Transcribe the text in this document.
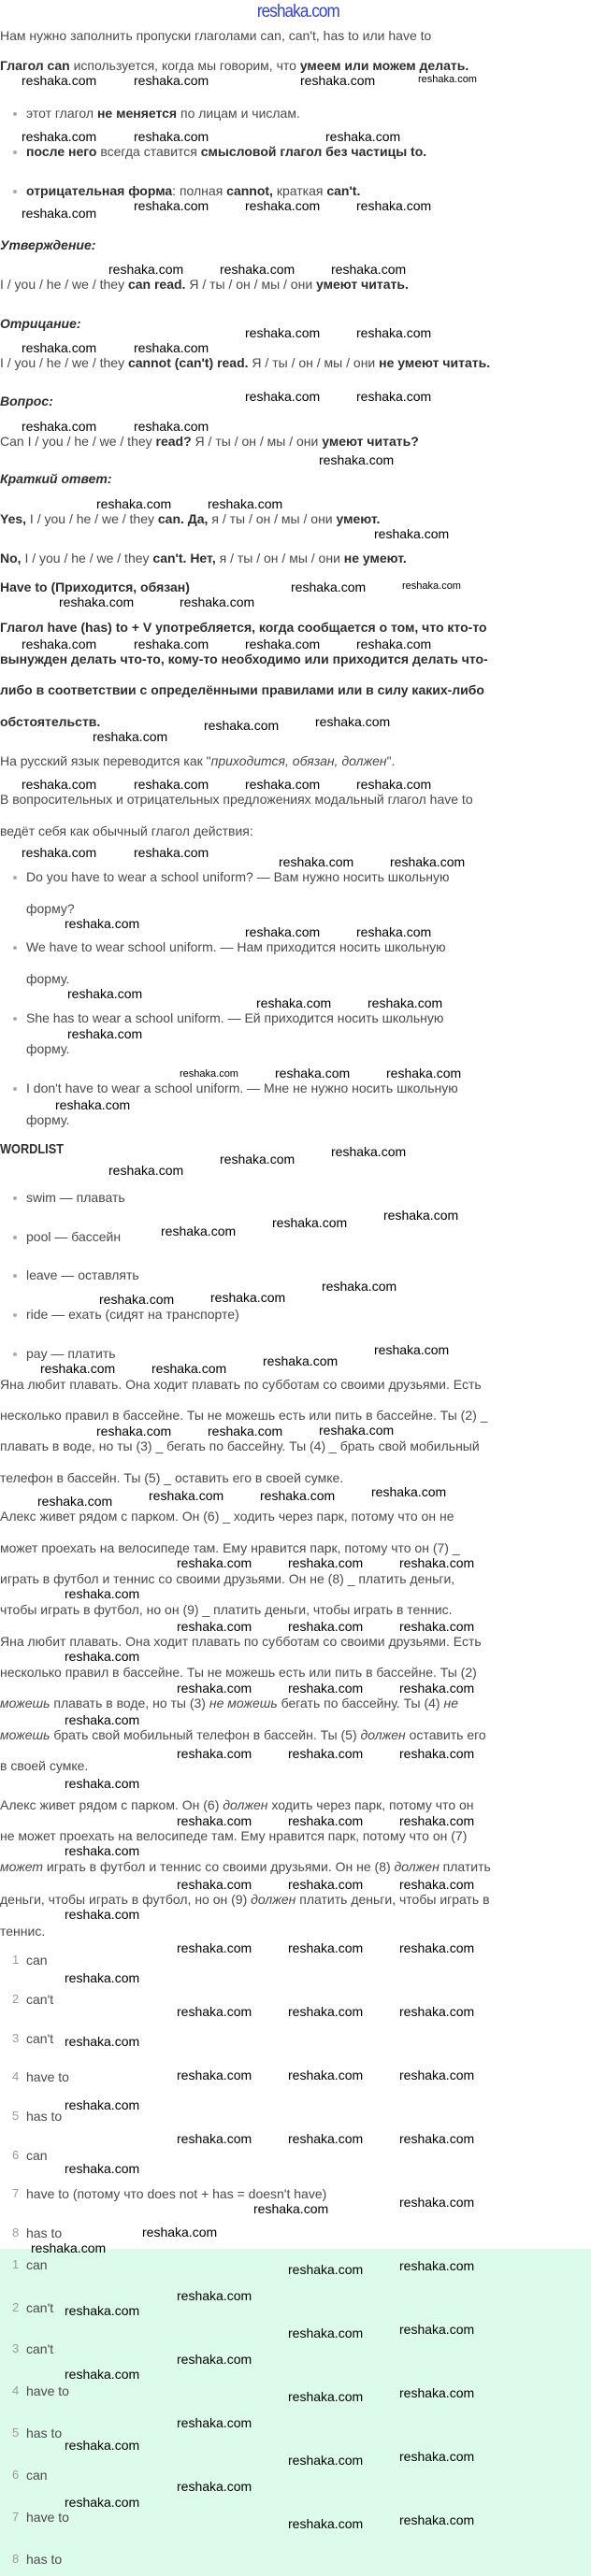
reshaka.com
Нам нужно заполнить пропуски глаголами can, can't, has to или have to
Глагол can используется, когда мы говорим, что умеем или можем делать.
этот глагол не меняется по лицам и числам.
после него всегда ставится смысловой глагол без частицы to.
отрицательная форма: полная cannot, краткая can't.
Утверждение:
I / you / he / we / they can read. Я / ты / он / мы / они умеют читать.
Отрицание:
I / you / he / we / they cannot (can't) read. Я / ты / он / мы / они не умеют читать.
Вопрос:
Can I / you / he / we / they read? Я / ты / он / мы / они умеют читать?
Краткий ответ:
Yes, I / you / he / we / they can. Да, я / ты / он / мы / они умеют.
No, I / you / he / we / they can't. Нет, я / ты / он / мы / они не умеют.
Have to (Приходится, обязан)
Глагол have (has) to + V употребляется, когда сообщается о том, что кто-то
вынужден делать что-то, кому-то необходимо или приходится делать что-
либо в соответствии с определёнными правилами или в силу каких-либо
обстоятельств.
На русский язык переводится как "приходится, обязан, должен".
В вопросительных и отрицательных предложениях модальный глагол have to
ведёт себя как обычный глагол действия:
Do you have to wear a school uniform? — Вам нужно носить школьную
форму?
We have to wear school uniform. — Нам приходится носить школьную
форму.
She has to wear a school uniform. — Ей приходится носить школьную
форму.
I don't have to wear a school uniform. — Мне не нужно носить школьную
форму.
WORDLIST
swim — плавать
pool — бассейн
leave — оставлять
ride — ехать (сидят на транспорте)
pay — платить
Яна любит плавать. Она ходит плавать по субботам со своими друзьями. Есть
несколько правил в бассейне. Ты не можешь есть или пить в бассейне. Ты (2) _
плавать в воде, но ты (3) _ бегать по бассейну. Ты (4) _ брать свой мобильный
телефон в бассейн. Ты (5) _ оставить его в своей сумке.
Алекс живет рядом с парком. Он (6) _ ходить через парк, потому что он не
может проехать на велосипеде там. Ему нравится парк, потому что он (7) _
играть в футбол и теннис со своими друзьями. Он не (8) _ платить деньги,
чтобы играть в футбол, но он (9) _ платить деньги, чтобы играть в теннис.
Яна любит плавать. Она ходит плавать по субботам со своими друзьями. Есть
несколько правил в бассейне. Ты не можешь есть или пить в бассейне. Ты (2)
можешь плавать в воде, но ты (3) не можешь бегать по бассейну. Ты (4) не
можешь брать свой мобильный телефон в бассейн. Ты (5) должен оставить его
в своей сумке.
Алекс живет рядом с парком. Он (6) должен ходить через парк, потому что он
не может проехать на велосипеде там. Ему нравится парк, потому что он (7)
может играть в футбол и теннис со своими друзьями. Он не (8) должен платить
деньги, чтобы играть в футбол, но он (9) должен платить деньги, чтобы играть в
теннис.
1 can
2 can't
3 can't
4 have to
5 has to
6 can
7 have to (потому что does not + has = doesn't have)
8 has to
1 can
2 can't
3 can't
4 have to
5 has to
6 can
7 have to
8 has to
reshaka.com	reshaka.com	reshaka.com	reshaka.com
reshaka.com	reshaka.com	reshaka.com
reshaka.com	reshaka.com	reshaka.com
reshaka.com
reshaka.com	reshaka.com
reshaka.com
reshaka.com	reshaka.com
reshaka.com	reshaka.com
reshaka.com	reshaka.com
reshaka.com	reshaka.com
reshaka.com
reshaka.com	reshaka.com
reshaka.com
reshaka.com	reshaka.com
reshaka.com	reshaka.com
reshaka.com	reshaka.com	reshaka.com	reshaka.com
reshaka.com
reshaka.com	reshaka.com
reshaka.com	reshaka.com	reshaka.com	reshaka.com
reshaka.com	reshaka.com
reshaka.com	reshaka.com
reshaka.com
reshaka.com	reshaka.com
reshaka.com
reshaka.com	reshaka.com
reshaka.com
reshaka.com	reshaka.com	reshaka.com
reshaka.com
reshaka.com
reshaka.com
reshaka.com
reshaka.com
reshaka.com
reshaka.com
reshaka.com
reshaka.com
reshaka.com
reshaka.com
reshaka.com
reshaka.com	reshaka.com
reshaka.com
reshaka.com	reshaka.com
reshaka.com
reshaka.com	reshaka.com
reshaka.com
reshaka.com	reshaka.com	reshaka.com
reshaka.com
reshaka.com	reshaka.com	reshaka.com
reshaka.com
reshaka.com	reshaka.com	reshaka.com
reshaka.com
reshaka.com	reshaka.com	reshaka.com
reshaka.com
reshaka.com	reshaka.com	reshaka.com
reshaka.com
reshaka.com	reshaka.com	reshaka.com
reshaka.com
reshaka.com	reshaka.com	reshaka.com
reshaka.com
reshaka.com	reshaka.com	reshaka.com
reshaka.com
reshaka.com	reshaka.com	reshaka.com
reshaka.com
reshaka.com	reshaka.com	reshaka.com
reshaka.com
reshaka.com
reshaka.com
reshaka.com
reshaka.com
reshaka.com
reshaka.com
reshaka.com
reshaka.com
reshaka.com
reshaka.com
reshaka.com
reshaka.com
reshaka.com
reshaka.com
reshaka.com
reshaka.com
reshaka.com
reshaka.com
reshaka.com
reshaka.com
reshaka.com
reshaka.com
